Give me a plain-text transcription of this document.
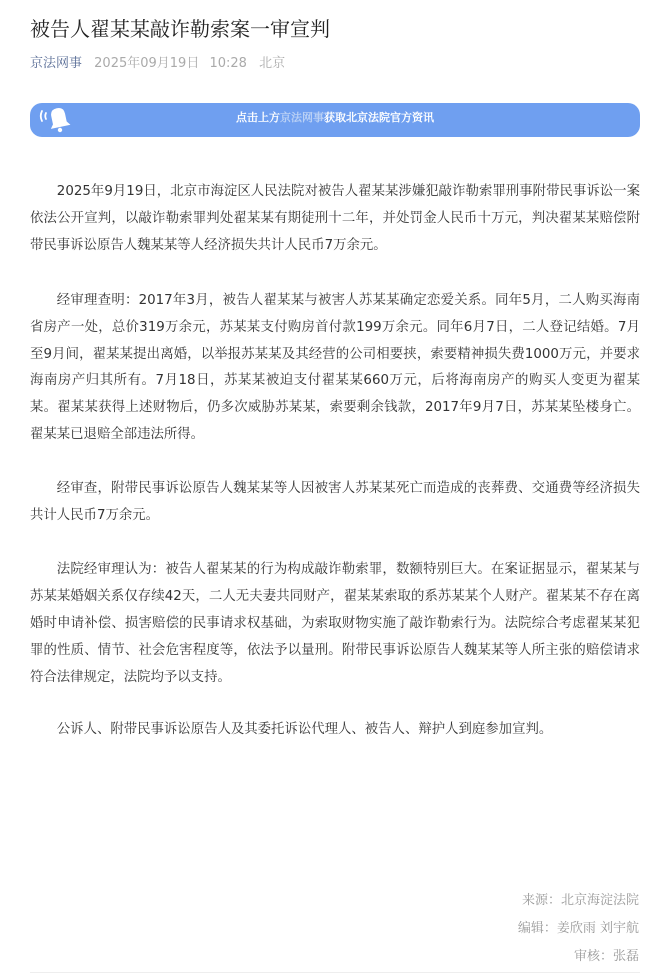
被告人翟某某敲诈勒索案一审宣判
京法网事 2025年09月19日 10:28 北京
点击上方京法网事获取北京法院官方资讯

2025年9月19日，北京市海淀区人民法院对被告人翟某某涉嫌犯敲诈勒索罪刑事附带民事诉讼一案依法公开宣判，以敲诈勒索罪判处翟某某有期徒刑十二年，并处罚金人民币十万元，判决翟某某赔偿附带民事诉讼原告人魏某某等人经济损失共计人民币7万余元。

经审理查明：2017年3月，被告人翟某某与被害人苏某某确定恋爱关系。同年5月，二人购买海南省房产一处，总价319万余元，苏某某支付购房首付款199万余元。同年6月7日，二人登记结婚。7月至9月间，翟某某提出离婚，以举报苏某某及其经营的公司相要挟，索要精神损失费1000万元，并要求海南房产归其所有。7月18日，苏某某被迫支付翟某某660万元，后将海南房产的购买人变更为翟某某。翟某某获得上述财物后，仍多次威胁苏某某，索要剩余钱款，2017年9月7日，苏某某坠楼身亡。翟某某已退赔全部违法所得。

经审查，附带民事诉讼原告人魏某某等人因被害人苏某某死亡而造成的丧葬费、交通费等经济损失共计人民币7万余元。

法院经审理认为：被告人翟某某的行为构成敲诈勒索罪，数额特别巨大。在案证据显示，翟某某与苏某某婚姻关系仅存续42天，二人无夫妻共同财产，翟某某索取的系苏某某个人财产。翟某某不存在离婚时申请补偿、损害赔偿的民事请求权基础，为索取财物实施了敲诈勒索行为。法院综合考虑翟某某犯罪的性质、情节、社会危害程度等，依法予以量刑。附带民事诉讼原告人魏某某等人所主张的赔偿请求符合法律规定，法院均予以支持。

公诉人、附带民事诉讼原告人及其委托诉讼代理人、被告人、辩护人到庭参加宣判。

来源：北京海淀法院
编辑：姜欣雨 刘宇航
审核：张磊
